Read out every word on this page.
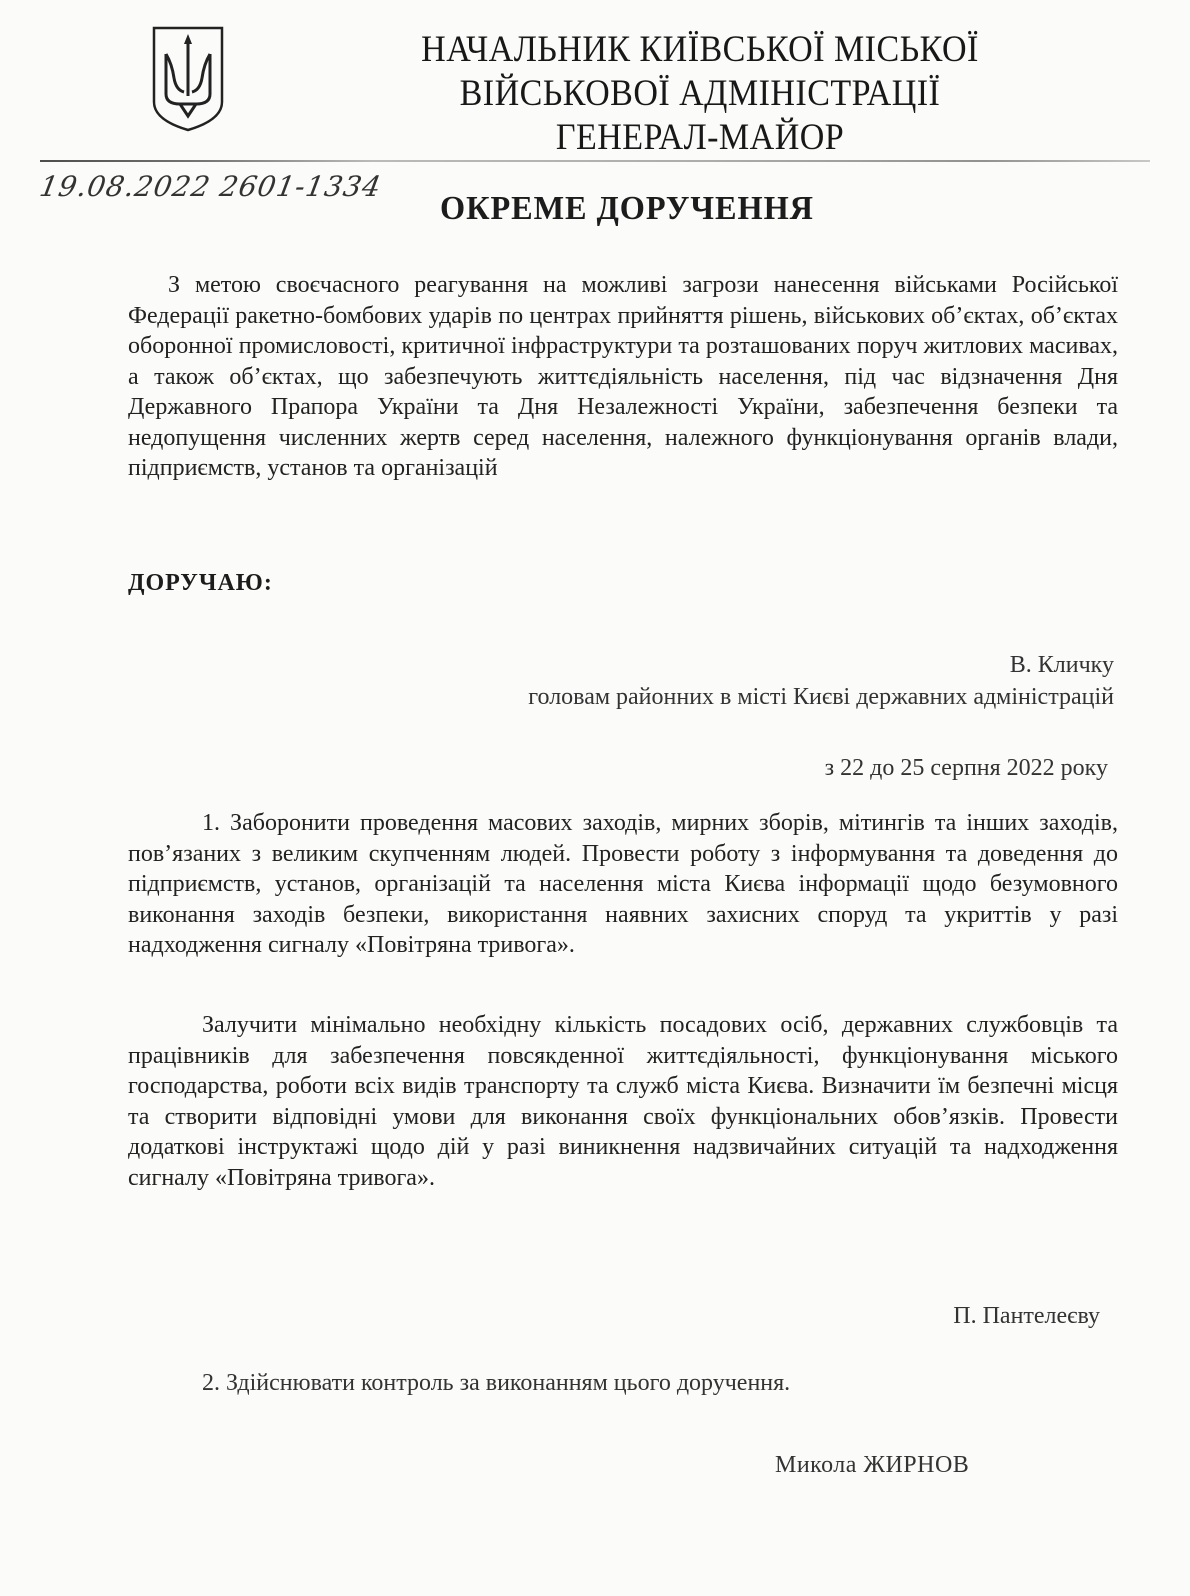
НАЧАЛЬНИК КИЇВСЬКОЇ МІСЬКОЇ
ВІЙСЬКОВОЇ АДМІНІСТРАЦІЇ
ГЕНЕРАЛ-МАЙОР
19.08.2022 2601-1334
ОКРЕМЕ ДОРУЧЕННЯ
З метою своєчасного реагування на можливі загрози нанесення військами Російської Федерації ракетно-бомбових ударів по центрах прийняття рішень, військових об’єктах, об’єктах оборонної промисловості, критичної інфраструктури та розташованих поруч житлових масивах, а також об’єктах, що забезпечують життєдіяльність населення, під час відзначення Дня Державного Прапора України та Дня Незалежності України, забезпечення безпеки та недопущення численних жертв серед населення, належного функціонування органів влади, підприємств, установ та організацій
ДОРУЧАЮ:
В. Кличку
головам районних в місті Києві державних адміністрацій
з 22 до 25 серпня 2022 року
1. Заборонити проведення масових заходів, мирних зборів, мітингів та інших заходів, пов’язаних з великим скупченням людей. Провести роботу з інформування та доведення до підприємств, установ, організацій та населення міста Києва інформації щодо безумовного виконання заходів безпеки, використання наявних захисних споруд та укриттів у разі надходження сигналу «Повітряна тривога».
Залучити мінімально необхідну кількість посадових осіб, державних службовців та працівників для забезпечення повсякденної життєдіяльності, функціонування міського господарства, роботи всіх видів транспорту та служб міста Києва. Визначити їм безпечні місця та створити відповідні умови для виконання своїх функціональних обов’язків. Провести додаткові інструктажі щодо дій у разі виникнення надзвичайних ситуацій та надходження сигналу «Повітряна тривога».
П. Пантелеєву
2. Здійснювати контроль за виконанням цього доручення.
Микола ЖИРНОВ
